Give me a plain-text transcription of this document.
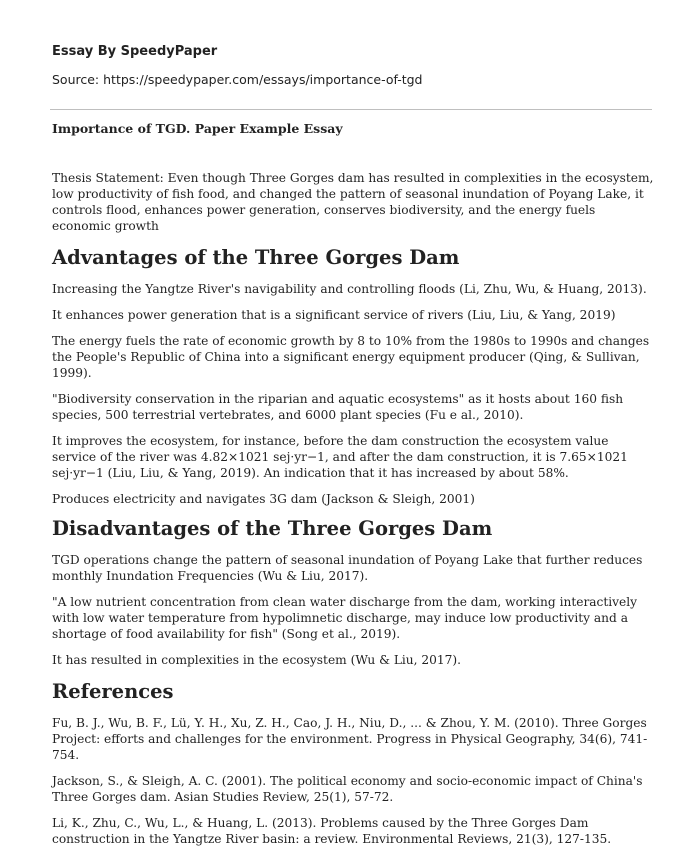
Essay By SpeedyPaper
Source: https://speedypaper.com/essays/importance-of-tgd
Importance of TGD. Paper Example Essay

Thesis Statement: Even though Three Gorges dam has resulted in complexities in the ecosystem, low productivity of fish food, and changed the pattern of seasonal inundation of Poyang Lake, it controls flood, enhances power generation, conserves biodiversity, and the energy fuels economic growth

Advantages of the Three Gorges Dam

Increasing the Yangtze River's navigability and controlling floods (Li, Zhu, Wu, & Huang, 2013).

It enhances power generation that is a significant service of rivers (Liu, Liu, & Yang, 2019)

The energy fuels the rate of economic growth by 8 to 10% from the 1980s to 1990s and changes the People's Republic of China into a significant energy equipment producer (Qing, & Sullivan, 1999).

"Biodiversity conservation in the riparian and aquatic ecosystems" as it hosts about 160 fish species, 500 terrestrial vertebrates, and 6000 plant species (Fu e al., 2010).

It improves the ecosystem, for instance, before the dam construction the ecosystem value service of the river was 4.82×1021 sej·yr−1, and after the dam construction, it is 7.65×1021 sej·yr−1 (Liu, Liu, & Yang, 2019). An indication that it has increased by about 58%.

Produces electricity and navigates 3G dam (Jackson & Sleigh, 2001)

Disadvantages of the Three Gorges Dam

TGD operations change the pattern of seasonal inundation of Poyang Lake that further reduces monthly Inundation Frequencies (Wu & Liu, 2017).

"A low nutrient concentration from clean water discharge from the dam, working interactively with low water temperature from hypolimnetic discharge, may induce low productivity and a shortage of food availability for fish" (Song et al., 2019).

It has resulted in complexities in the ecosystem (Wu & Liu, 2017).

References

Fu, B. J., Wu, B. F., Lü, Y. H., Xu, Z. H., Cao, J. H., Niu, D., ... & Zhou, Y. M. (2010). Three Gorges Project: efforts and challenges for the environment. Progress in Physical Geography, 34(6), 741-754.

Jackson, S., & Sleigh, A. C. (2001). The political economy and socio-economic impact of China's Three Gorges dam. Asian Studies Review, 25(1), 57-72.

Li, K., Zhu, C., Wu, L., & Huang, L. (2013). Problems caused by the Three Gorges Dam construction in the Yangtze River basin: a review. Environmental Reviews, 21(3), 127-135.
